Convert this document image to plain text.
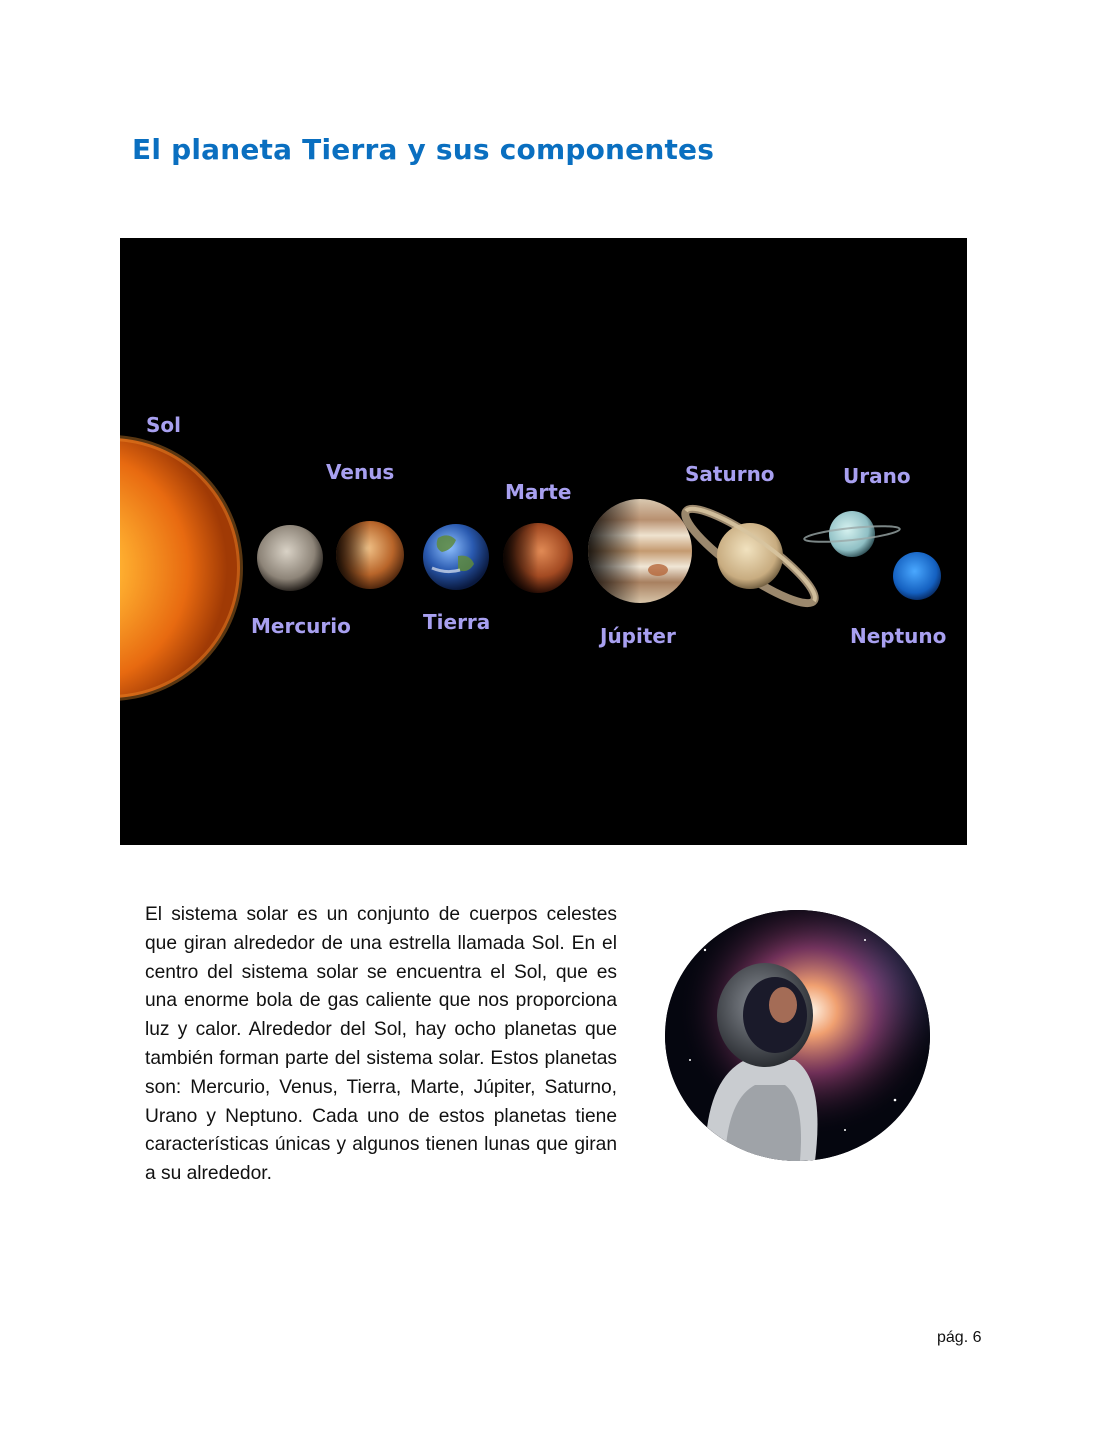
El planeta Tierra y sus componentes

Sol

Venus

Marte

Saturno	Urano

Mercurio	Tierra

Júpiter	Neptuno

El sistema solar es un conjunto de cuerpos celestes que giran alrededor de una estrella llamada Sol. En el centro del sistema solar se encuentra el Sol, que es una enorme bola de gas caliente que nos proporciona luz y calor. Alrededor del Sol, hay ocho planetas que también forman parte del sistema solar. Estos planetas son: Mercurio, Venus, Tierra, Marte, Júpiter, Saturno, Urano y Neptuno. Cada uno de estos planetas tiene características únicas y algunos tienen lunas que giran a su alrededor.

pág. 6
